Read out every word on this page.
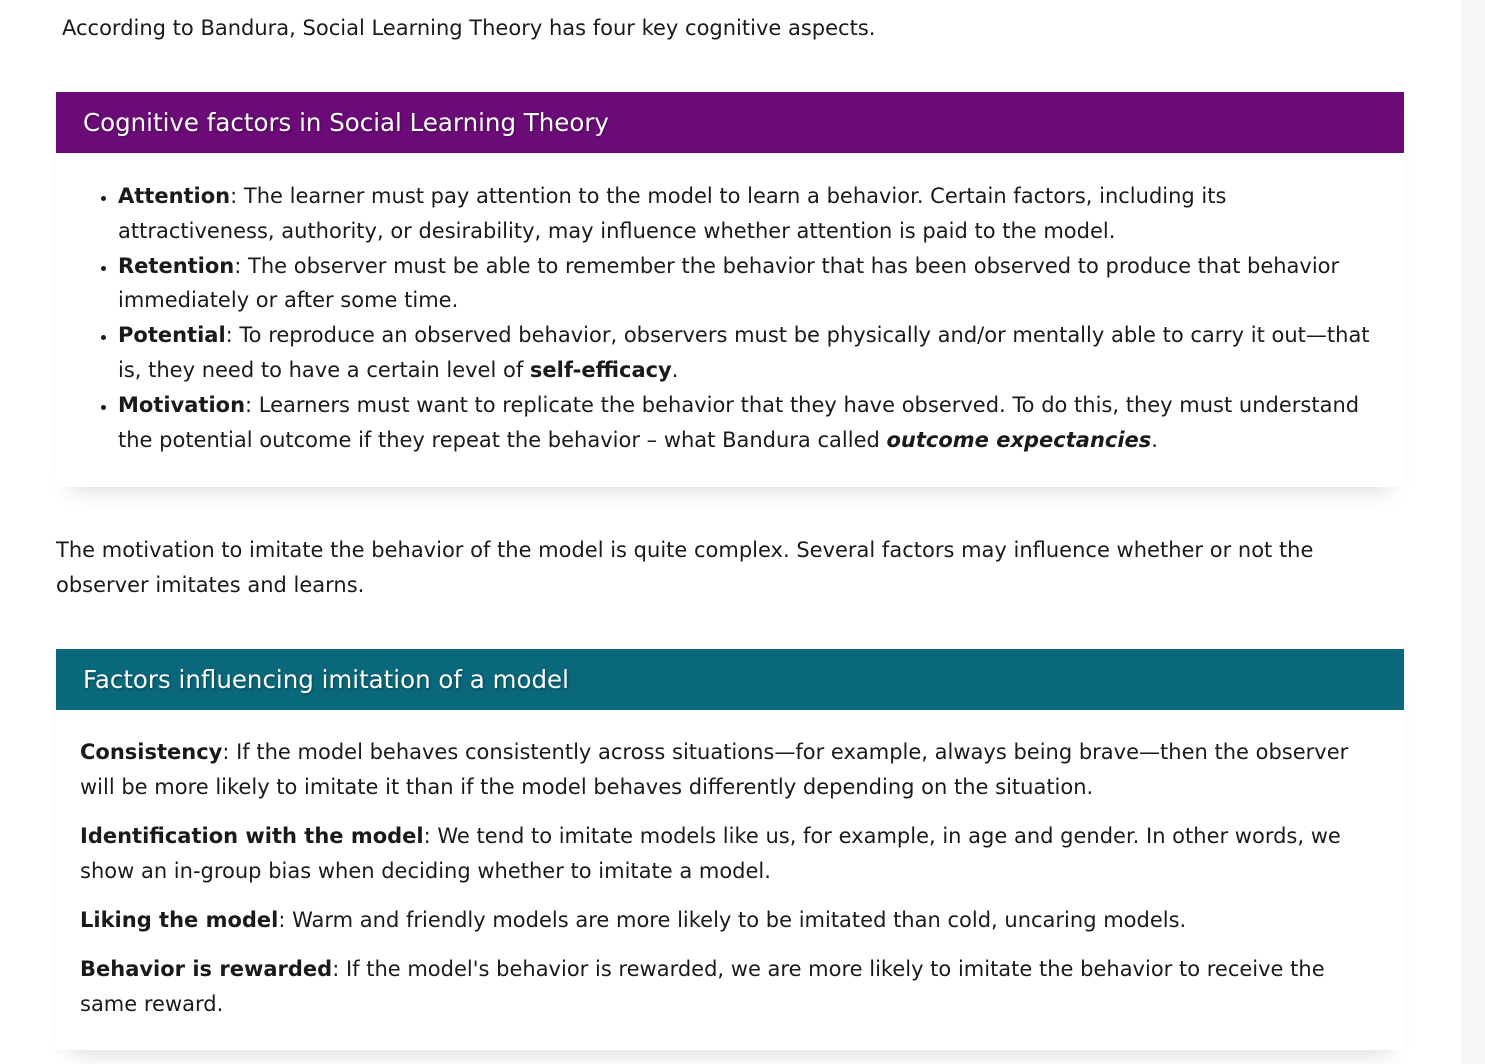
According to Bandura, Social Learning Theory has four key cognitive aspects.

Cognitive factors in Social Learning Theory
• Attention: The learner must pay attention to the model to learn a behavior. Certain factors, including its attractiveness, authority, or desirability, may influence whether attention is paid to the model.
• Retention: The observer must be able to remember the behavior that has been observed to produce that behavior immediately or after some time.
• Potential: To reproduce an observed behavior, observers must be physically and/or mentally able to carry it out—that is, they need to have a certain level of self-efficacy.
• Motivation: Learners must want to replicate the behavior that they have observed. To do this, they must understand the potential outcome if they repeat the behavior – what Bandura called outcome expectancies.

The motivation to imitate the behavior of the model is quite complex. Several factors may influence whether or not the observer imitates and learns.

Factors influencing imitation of a model

Consistency: If the model behaves consistently across situations—for example, always being brave—then the observer will be more likely to imitate it than if the model behaves differently depending on the situation.

Identification with the model: We tend to imitate models like us, for example, in age and gender. In other words, we show an in-group bias when deciding whether to imitate a model.

Liking the model: Warm and friendly models are more likely to be imitated than cold, uncaring models.

Behavior is rewarded: If the model's behavior is rewarded, we are more likely to imitate the behavior to receive the same reward.
